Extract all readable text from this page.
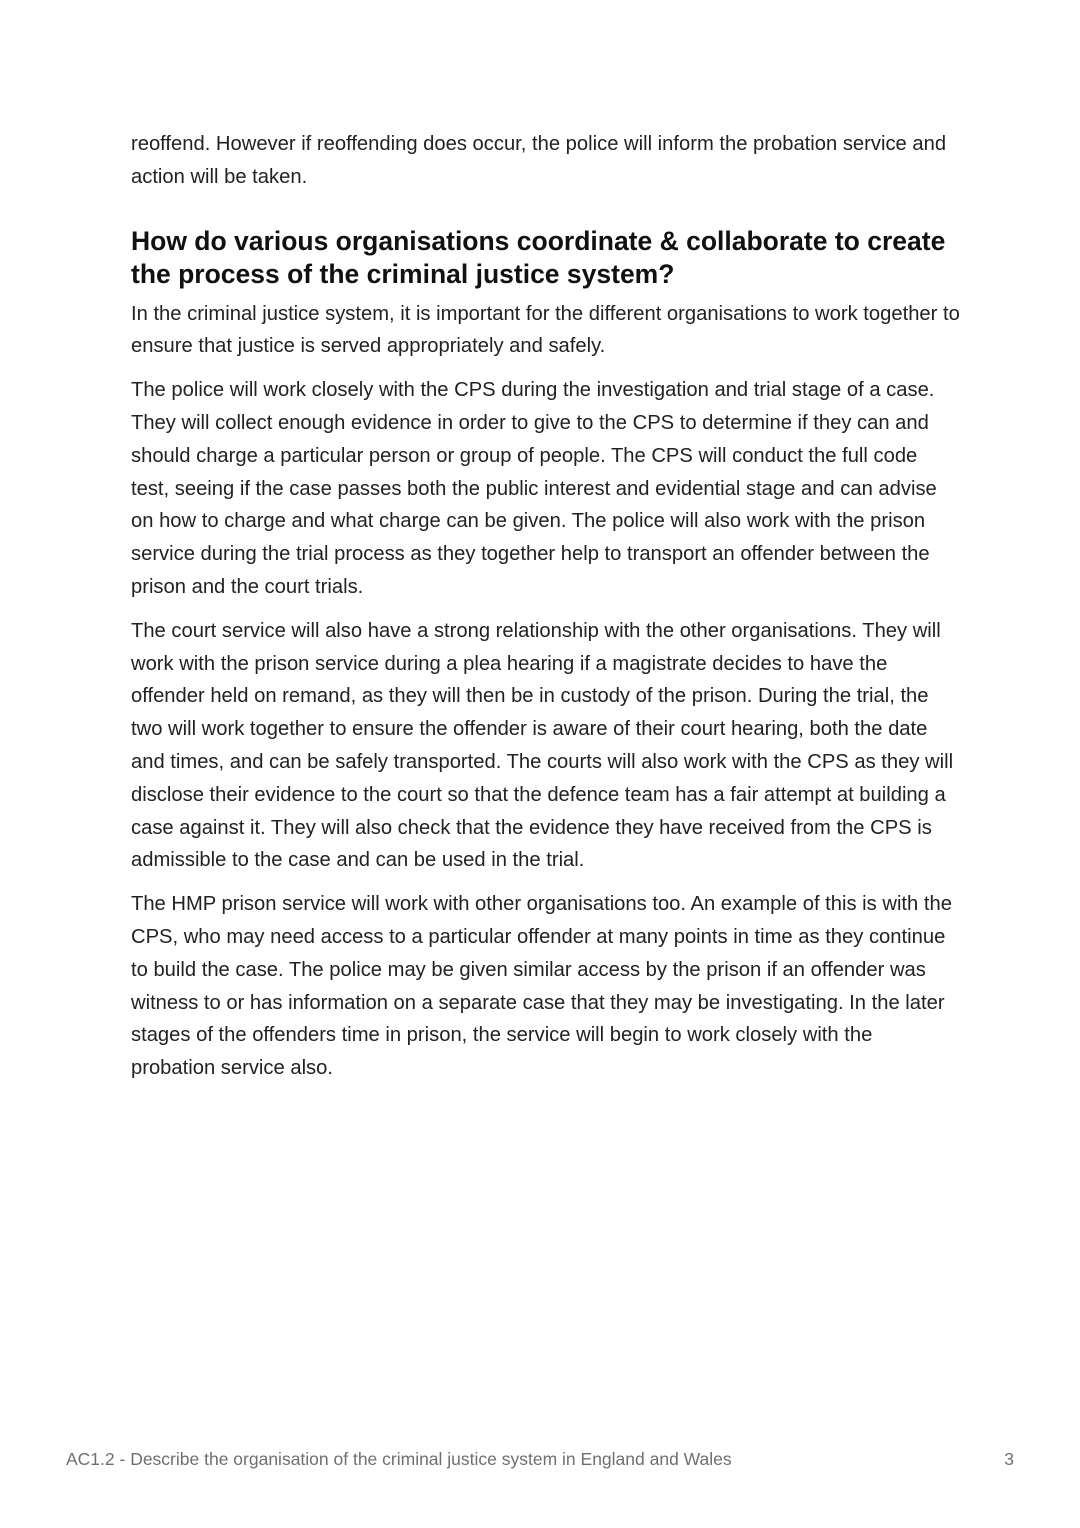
reoffend. However if reoffending does occur, the police will inform the probation service and action will be taken.

How do various organisations coordinate & collaborate to create the process of the criminal justice system?

In the criminal justice system, it is important for the different organisations to work together to ensure that justice is served appropriately and safely.

The police will work closely with the CPS during the investigation and trial stage of a case. They will collect enough evidence in order to give to the CPS to determine if they can and should charge a particular person or group of people. The CPS will conduct the full code test, seeing if the case passes both the public interest and evidential stage and can advise on how to charge and what charge can be given. The police will also work with the prison service during the trial process as they together help to transport an offender between the prison and the court trials.

The court service will also have a strong relationship with the other organisations. They will work with the prison service during a plea hearing if a magistrate decides to have the offender held on remand, as they will then be in custody of the prison. During the trial, the two will work together to ensure the offender is aware of their court hearing, both the date and times, and can be safely transported. The courts will also work with the CPS as they will disclose their evidence to the court so that the defence team has a fair attempt at building a case against it. They will also check that the evidence they have received from the CPS is admissible to the case and can be used in the trial.

The HMP prison service will work with other organisations too. An example of this is with the CPS, who may need access to a particular offender at many points in time as they continue to build the case. The police may be given similar access by the prison if an offender was witness to or has information on a separate case that they may be investigating. In the later stages of the offenders time in prison, the service will begin to work closely with the probation service also.

AC1.2 - Describe the organisation of the criminal justice system in England and Wales	3
